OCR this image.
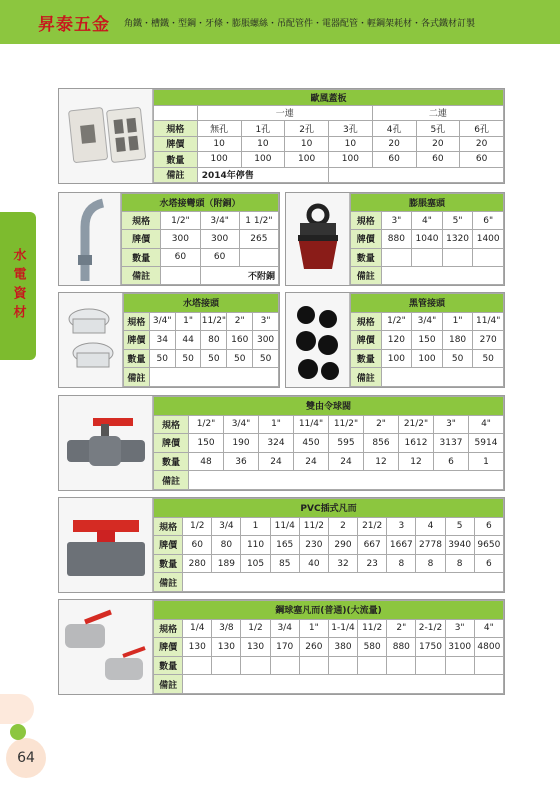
昇泰五金 角鐵・槽鐵・型鋼・牙條・膨脹螺絲・吊配管件・電器配管・輕鋼架耗材・各式鐵材訂製
水電資材
歐風蓋板							
	一連				二連		
規格	無孔	1孔	2孔	3孔	4孔	5孔	6孔
牌價	10	10	10	10	20	20	20
數量	100	100	100	100	60	60	60
備註	2014年停售						
水塔接彎頭（附銅）			
規格	1/2"	3/4"	1 1/2"
牌價	300	300	265
數量	60	60	
備註		不附銅	
膨脹塞頭				
規格	3"	4"	5"	6"
牌價	880	1040	1320	1400
數量				
備註				
水塔接頭					
規格	3/4"	1"	11/2"	2"	3"
牌價	34	44	80	160	300
數量	50	50	50	50	50
備註					
黑管接頭				
規格	1/2"	3/4"	1"	11/4"
牌價	120	150	180	270
數量	100	100	50	50
備註				
雙由令球閥									
規格	1/2"	3/4"	1"	11/4"	11/2"	2"	21/2"	3"	4"
牌價	150	190	324	450	595	856	1612	3137	5914
數量	48	36	24	24	24	12	12	6	1
備註									
PVC插式凡而											
規格	1/2	3/4	1	11/4	11/2	2	21/2	3	4	5	6
牌價	60	80	110	165	230	290	667	1667	2778	3940	9650
數量	280	189	105	85	40	32	23	8	8	8	6
備註											
鋼球塞凡而(普通)(大流量)											
規格	1/4	3/8	1/2	3/4	1"	1-1/4	11/2	2"	2-1/2	3"	4"
牌價	130	130	130	170	260	380	580	880	1750	3100	4800
數量											
備註											
64
